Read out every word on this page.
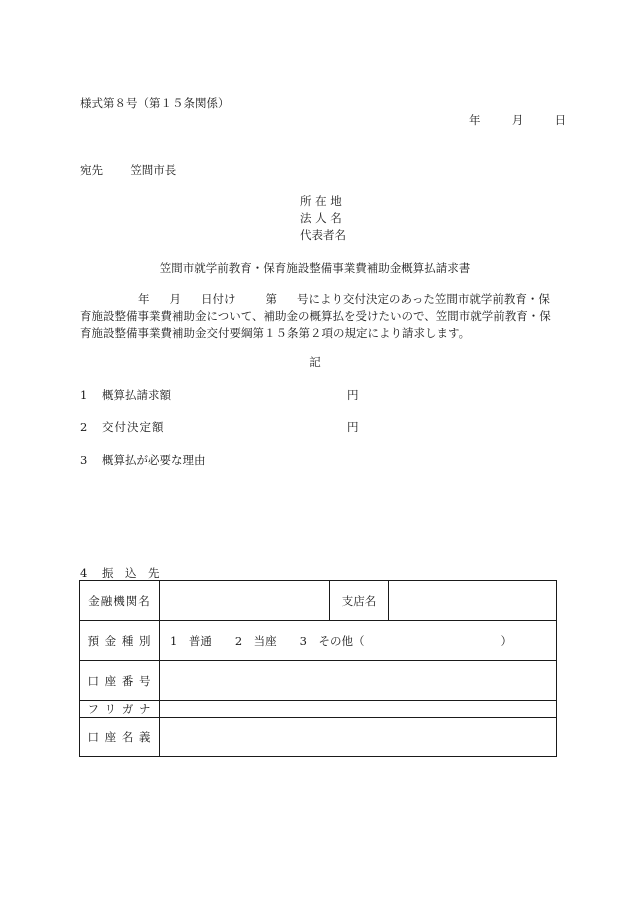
様式第８号（第１５条関係）
年	月	日
宛先 笠間市長
所 在 地
法 人 名
代表者名
笠間市就学前教育・保育施設整備事業費補助金概算払請求書
年 月 日付け	第 号により交付決定のあった笠間市就学前教育・保育施設整備事業費補助金について、補助金の概算払を受けたいので、笠間市就学前教育・保育施設整備事業費補助金交付要綱第１５条第２項の規定により請求します。
記
1 概算払請求額	円
2 交付決定額	円
3 概算払が必要な理由
4 振　込　先
金融機関名		支店名	
預 金 種 別	1　普通　　2　当座　　3　その他（ ）		
口 座 番 号			
フ リ ガ ナ			
口 座 名 義			
